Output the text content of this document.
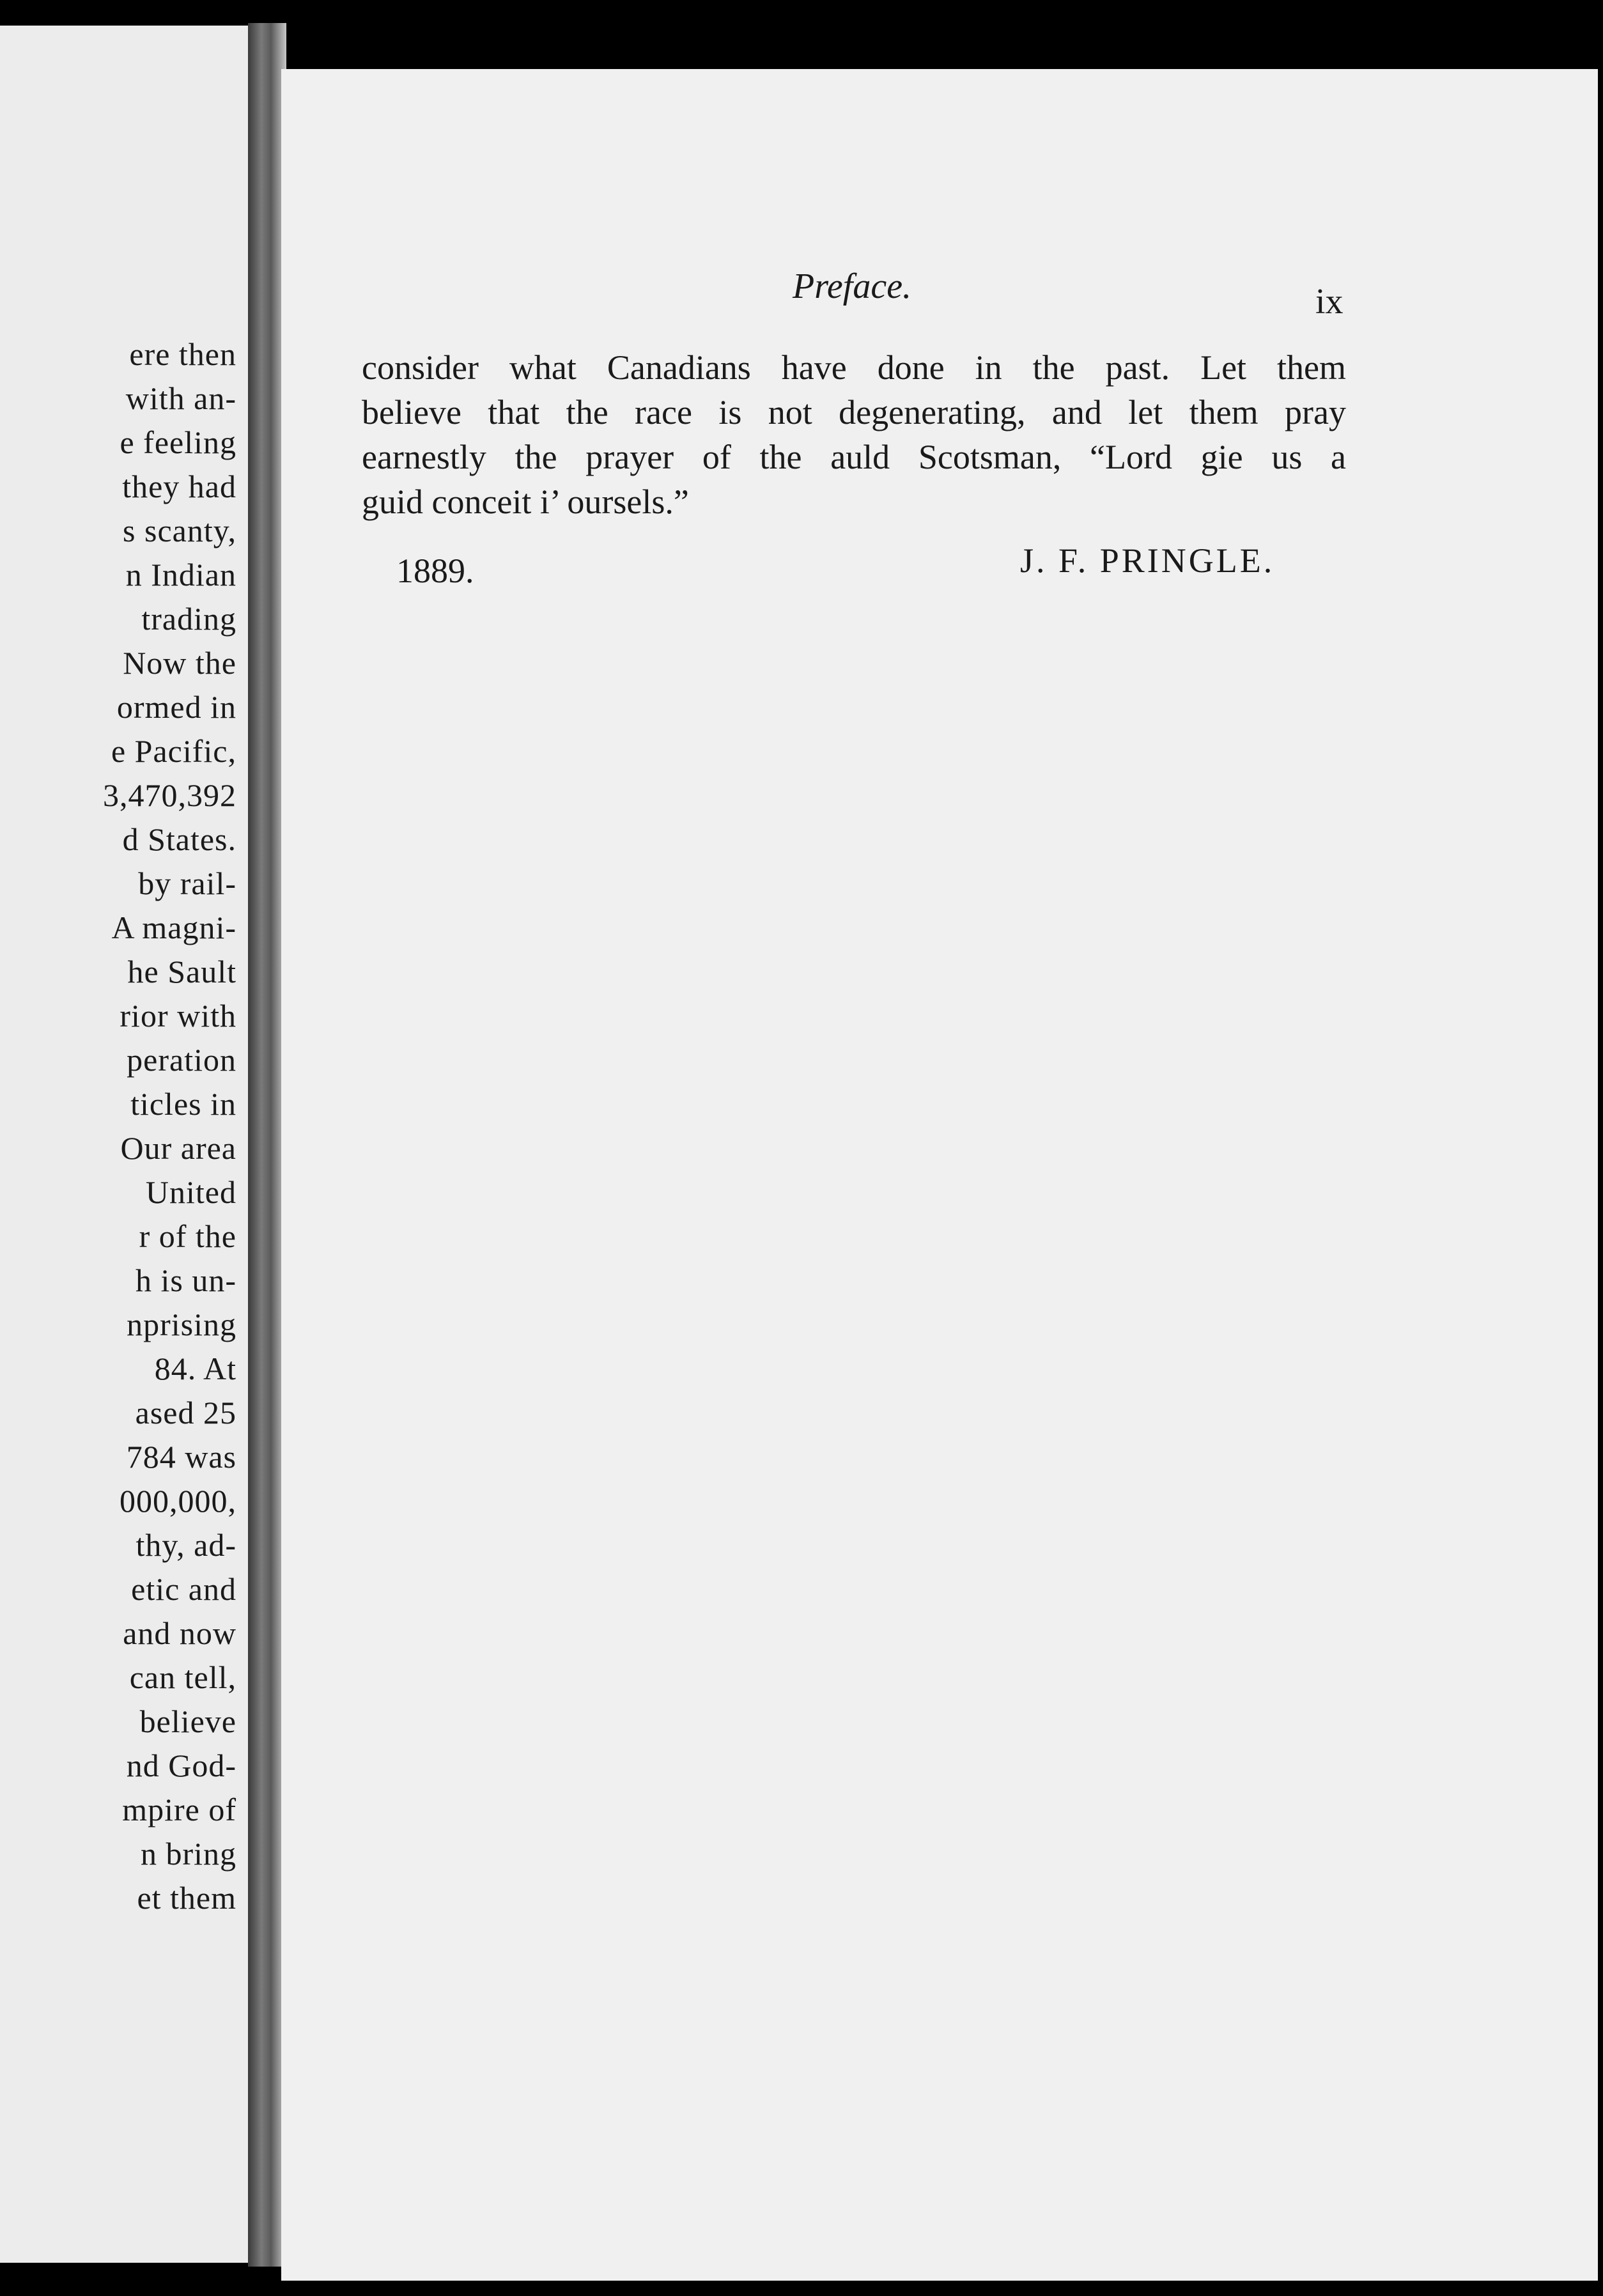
ere then
with an-
e feeling
they had
s scanty,
n Indian
trading
Now the
ormed in
e Pacific,
3,470,392
d States.
by rail-
A magni-
he Sault
rior with
peration
ticles in
Our area
United
r of the
h is un-
nprising
84. At
ased 25
784 was
000,000,
thy, ad-
etic and
and now
can tell,
believe
nd God-
mpire of
n bring
et them
Preface.	ix
consider what Canadians have done in the past. Let them
believe that the race is not degenerating, and let them pray
earnestly the prayer of the auld Scotsman, “Lord gie us a
guid conceit i’ oursels.”
1889.	J. F. PRINGLE.
